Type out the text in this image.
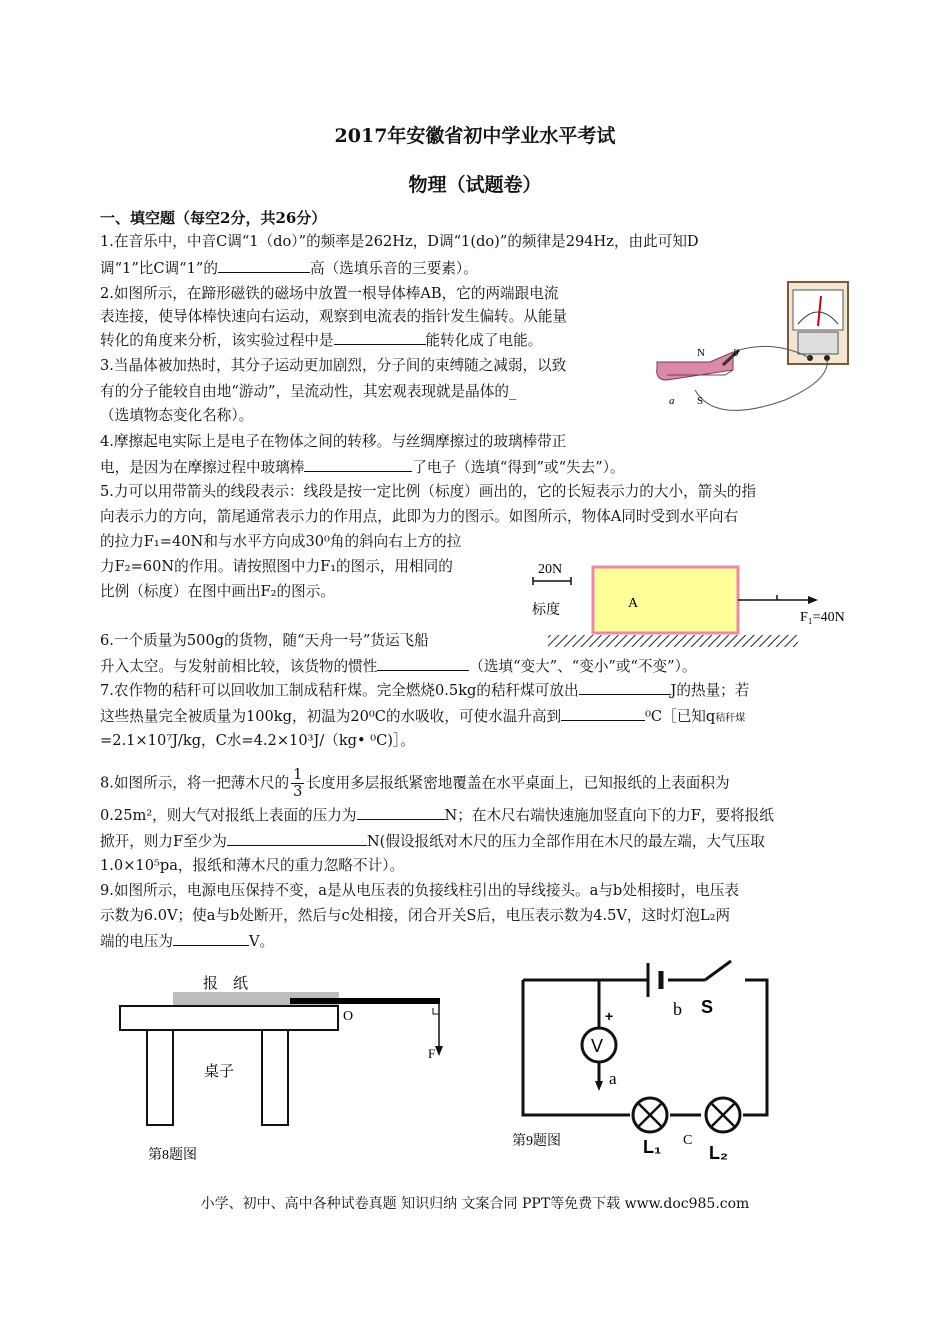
2017年安徽省初中学业水平考试
物理（试题卷）
一、填空题（每空2分，共26分）
1.在音乐中，中音C调“1（do）”的频率是262Hz，D调“1(do)”的频律是294Hz，由此可知D
调“1”比C调“1”的	高（选填乐音的三要素）。
2.如图所示，在蹄形磁铁的磁场中放置一根导体棒AB，它的两端跟电流
表连接，使导体棒快速向右运动，观察到电流表的指针发生偏转。从能量
转化的角度来分析，该实验过程中是	能转化成了电能。
3.当晶体被加热时，其分子运动更加剧烈，分子间的束缚随之减弱，以致
有的分子能较自由地“游动”，呈流动性，其宏观表现就是晶体的_
（选填物态变化名称）。
4.摩擦起电实际上是电子在物体之间的转移。与丝绸摩擦过的玻璃棒带正
电，是因为在摩擦过程中玻璃棒	了电子（选填“得到”或“失去”）。
5.力可以用带箭头的线段表示：线段是按一定比例（标度）画出的，它的长短表示力的大小，箭头的指
向表示力的方向，箭尾通常表示力的作用点，此即为力的图示。如图所示，物体A同时受到水平向右
的拉力F₁=40N和与水平方向成30⁰角的斜向右上方的拉
力F₂=60N的作用。请按照图中力F₁的图示，用相同的
比例（标度）在图中画出F₂的图示。
6.一个质量为500g的货物，随“天舟一号”货运飞船
升入太空。与发射前相比较，该货物的惯性	（选填“变大”、“变小”或“不变”）。
7.农作物的秸秆可以回收加工制成秸秆煤。完全燃烧0.5kg的秸秆煤可放出	J的热量；若
这些热量完全被质量为100kg，初温为20⁰C的水吸收，可使水温升高到	⁰C［已知q秸秆煤
=2.1×10⁷J/kg，C水=4.2×10³J/（kg• ⁰C)］。
8.如图所示，将一把薄木尺的 $\frac{1}{3}$ 长度用多层报纸紧密地覆盖在水平桌面上，已知报纸的上表面积为
0.25m²，则大气对报纸上表面的压力为	N；在木尺右端快速施加竖直向下的力F，要将报纸
掀开，则力F至少为	N(假设报纸对木尺的压力全部作用在木尺的最左端，大气压取
1.0×10⁵pa，报纸和薄木尺的重力忽略不计）。
9.如图所示，电源电压保持不变，a是从电压表的负接线柱引出的导线接头。a与b处相接时，电压表
示数为6.0V；使a与b处断开，然后与c处相接，闭合开关S后，电压表示数为4.5V，这时灯泡L₂两
端的电压为	V。
N
S
a
b
20N
标度	A
F₁=40N
报　纸
桌子
O
F
第8题图
V
+
a
b S
C
L₁	L₂
第9题图
小学、初中、高中各种试卷真题 知识归纳 文案合同 PPT等免费下载 www.doc985.com
